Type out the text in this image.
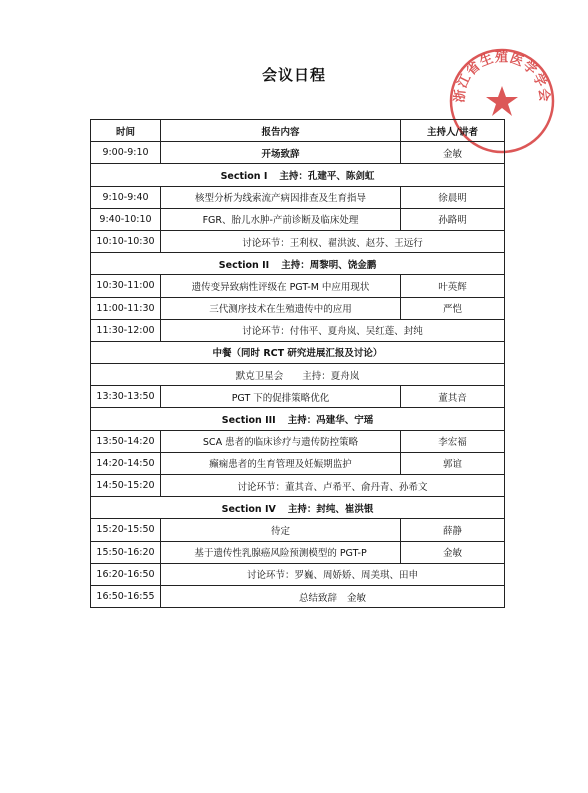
会议日程
浙江省生殖医学学会
时间	报告内容	主持人/讲者
9:00-9:10	开场致辞	金敏
Section I 主持：孔建平、陈剑虹		
9:10-9:40	核型分析为线索流产病因排查及生育指导	徐晨明
9:40-10:10	FGR、胎儿水肿-产前诊断及临床处理	孙路明
10:10-10:30	讨论环节：王利权、翟洪波、赵芬、王远行	
Section II 主持：周黎明、饶金鹏		
10:30-11:00	遗传变异致病性评级在 PGT-M 中应用现状	叶英辉
11:00-11:30	三代测序技术在生殖遗传中的应用	严恺
11:30-12:00	讨论环节：付伟平、夏舟岚、吴红莲、封纯	
中餐（同时 RCT 研究进展汇报及讨论）		
默克卫星会　　主持：夏舟岚		
13:30-13:50	PGT 下的促排策略优化	董其音
Section III 主持：冯建华、宁瑶		
13:50-14:20	SCA 患者的临床诊疗与遗传防控策略	李宏福
14:20-14:50	癫痫患者的生育管理及妊娠期监护	郭谊
14:50-15:20	讨论环节：董其音、卢希平、俞丹青、孙希文	
Section IV 主持：封纯、崔洪银		
15:20-15:50	待定	薛静
15:50-16:20	基于遗传性乳腺癌风险预测模型的 PGT-P	金敏
16:20-16:50	讨论环节：罗巍、周娇娇、周美琪、田申	
16:50-16:55	总结致辞 金敏	
